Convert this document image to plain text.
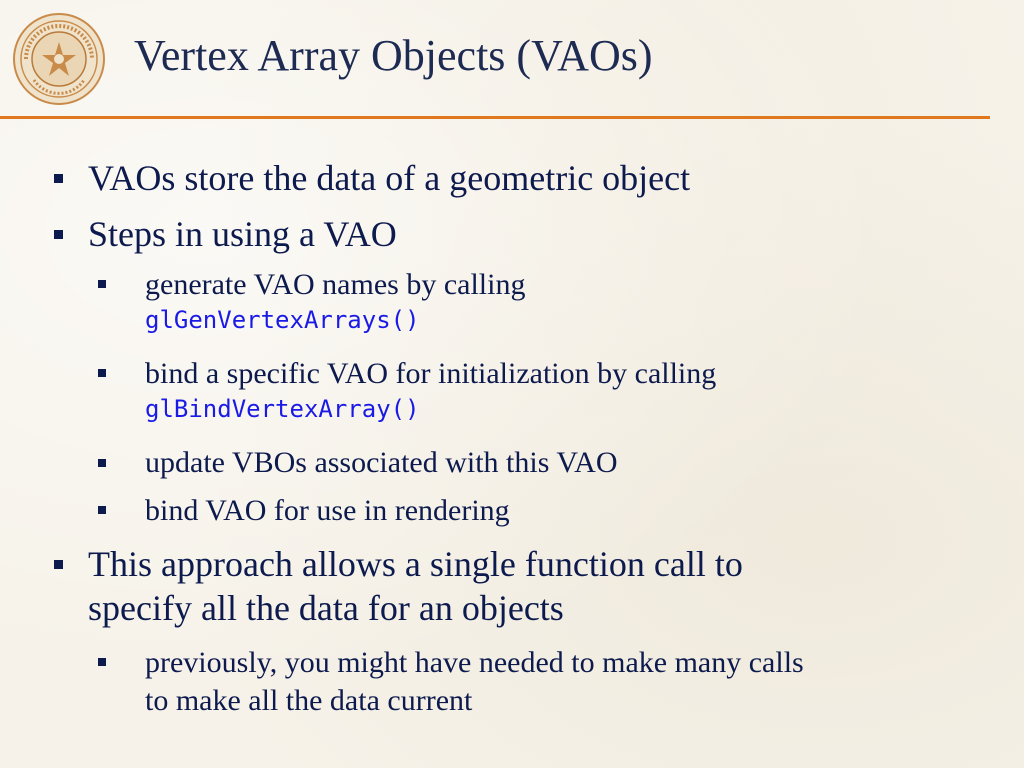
Vertex Array Objects (VAOs)
VAOs store the data of a geometric object
Steps in using a VAO
generate VAO names by calling
glGenVertexArrays()
bind a specific VAO for initialization by calling
glBindVertexArray()
update VBOs associated with this VAO
bind VAO for use in rendering
This approach allows a single function call to
specify all the data for an objects
previously, you might have needed to make many calls
to make all the data current
